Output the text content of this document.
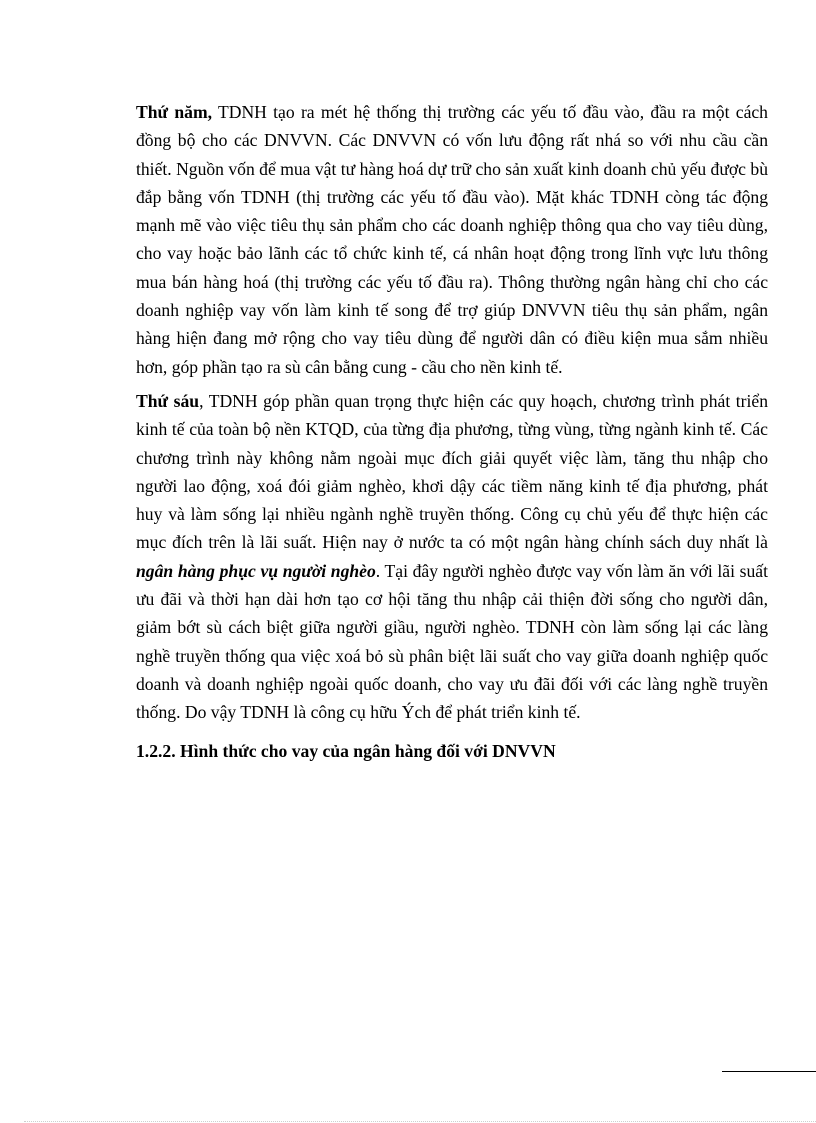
Thứ năm, TDNH tạo ra mét hệ thống thị trường các yếu tố đầu vào, đầu ra một cách đồng bộ cho các DNVVN. Các DNVVN có vốn lưu động rất nhá so với nhu cầu cần thiết. Nguồn vốn để mua vật tư hàng hoá dự trữ cho sản xuất kinh doanh chủ yếu được bù đắp bằng vốn TDNH (thị trường các yếu tố đầu vào). Mặt khác TDNH còng tác động mạnh mẽ vào việc tiêu thụ sản phẩm cho các doanh nghiệp thông qua cho vay tiêu dùng, cho vay hoặc bảo lãnh các tổ chức kinh tế, cá nhân hoạt động trong lĩnh vực lưu thông mua bán hàng hoá (thị trường các yếu tố đầu ra). Thông thường ngân hàng chỉ cho các doanh nghiệp vay vốn làm kinh tế song để trợ giúp DNVVN tiêu thụ sản phẩm, ngân hàng hiện đang mở rộng cho vay tiêu dùng để người dân có điều kiện mua sắm nhiều hơn, góp phần tạo ra sù cân bằng cung - cầu cho nền kinh tế.

Thứ sáu, TDNH góp phần quan trọng thực hiện các quy hoạch, chương trình phát triển kinh tế của toàn bộ nền KTQD, của từng địa phương, từng vùng, từng ngành kinh tế. Các chương trình này không nằm ngoài mục đích giải quyết việc làm, tăng thu nhập cho người lao động, xoá đói giảm nghèo, khơi dậy các tiềm năng kinh tế địa phương, phát huy và làm sống lại nhiều ngành nghề truyền thống. Công cụ chủ yếu để thực hiện các mục đích trên là lãi suất. Hiện nay ở nước ta có một ngân hàng chính sách duy nhất là ngân hàng phục vụ người nghèo. Tại đây người nghèo được vay vốn làm ăn với lãi suất ưu đãi và thời hạn dài hơn tạo cơ hội tăng thu nhập cải thiện đời sống cho người dân, giảm bớt sù cách biệt giữa người giầu, người nghèo. TDNH còn làm sống lại các làng nghề truyền thống qua việc xoá bỏ sù phân biệt lãi suất cho vay giữa doanh nghiệp quốc doanh và doanh nghiệp ngoài quốc doanh, cho vay ưu đãi đối với các làng nghề truyền thống. Do vậy TDNH là công cụ hữu Ých để phát triển kinh tế.

1.2.2. Hình thức cho vay của ngân hàng đối với DNVVN
